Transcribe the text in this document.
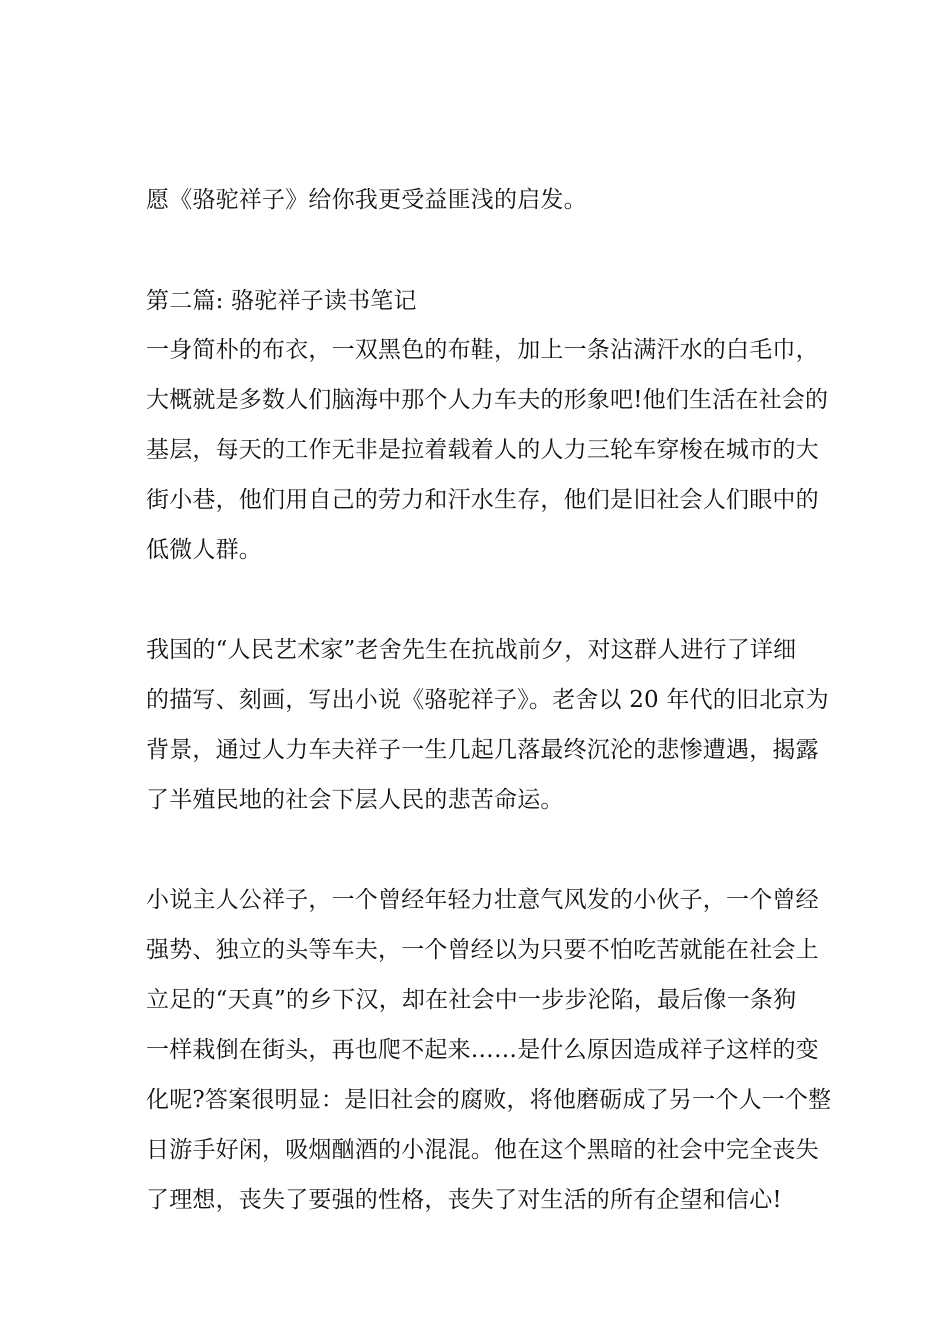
愿《骆驼祥子》给你我更受益匪浅的启发。
第二篇: 骆驼祥子读书笔记
一身简朴的布衣，一双黑色的布鞋，加上一条沾满汗水的白毛巾，
大概就是多数人们脑海中那个人力车夫的形象吧!他们生活在社会的
基层，每天的工作无非是拉着载着人的人力三轮车穿梭在城市的大
街小巷，他们用自己的劳力和汗水生存，他们是旧社会人们眼中的
低微人群。
我国的“人民艺术家”老舍先生在抗战前夕，对这群人进行了详细
的描写、刻画，写出小说《骆驼祥子》。老舍以 20 年代的旧北京为
背景，通过人力车夫祥子一生几起几落最终沉沦的悲惨遭遇，揭露
了半殖民地的社会下层人民的悲苦命运。
小说主人公祥子，一个曾经年轻力壮意气风发的小伙子，一个曾经
强势、独立的头等车夫，一个曾经以为只要不怕吃苦就能在社会上
立足的“天真”的乡下汉，却在社会中一步步沦陷，最后像一条狗
一样栽倒在街头，再也爬不起来……是什么原因造成祥子这样的变
化呢?答案很明显：是旧社会的腐败，将他磨砺成了另一个人一个整
日游手好闲，吸烟酗酒的小混混。他在这个黑暗的社会中完全丧失
了理想，丧失了要强的性格，丧失了对生活的所有企望和信心!
